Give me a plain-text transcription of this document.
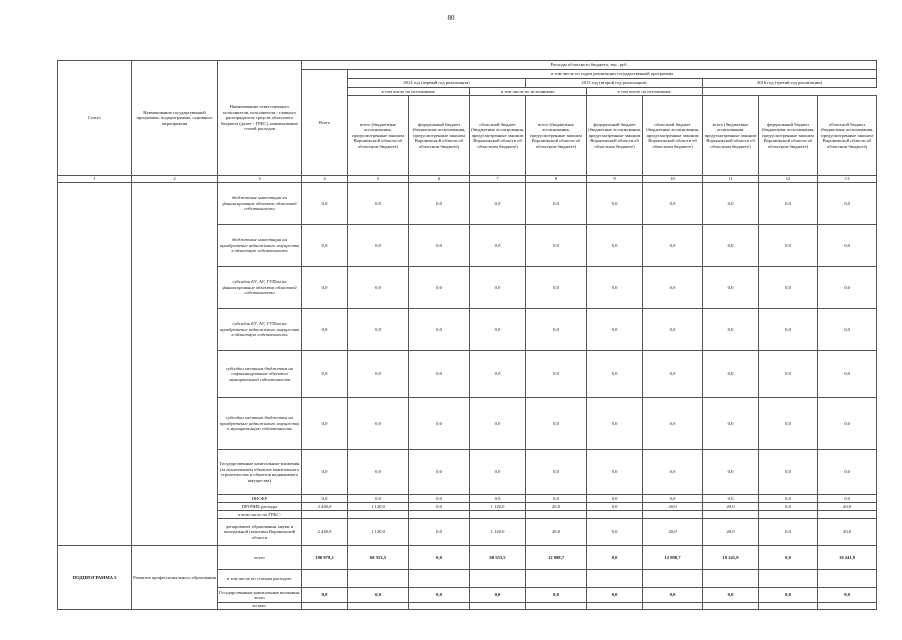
80
Статус	Наименование государственной программы, подпрограммы, основного мероприятия	Наименование ответственного исполнителя, исполнителя - главного распорядителя средств областного бюджета (далее - ГРБС), наименование статей расходов	Расходы областного бюджета, тыс. руб.									
			Всего	в том числе по годам реализации государственной программы								
				2014 год (первый год реализации)			2015 год (второй год реализации)			2016 год (третий год реализации)		
				в том числе по источникам:		в том числе по источникам:		в том числе по источникам:				
				всего (бюджетные ассигнования, предусмотренные законом Воронежской области об областном бюджете)	федеральный бюджет (бюджетные ассигнования, предусмотренные законом Воронежской области об областном бюджете)	областной бюджет (бюджетные ассигнования, предусмотренные законом Воронежской области об областном бюджете)	всего (бюджетные ассигнования, предусмотренные законом Воронежской области об областном бюджете)	федеральный бюджет (бюджетные ассигнования, предусмотренные законом Воронежской области об областном бюджете)	областной бюджет (бюджетные ассигнования, предусмотренные законом Воронежской области об областном бюджете)	всего (бюджетные ассигнования, предусмотренные законом Воронежской области об областном бюджете)	федеральный бюджет (бюджетные ассигнования, предусмотренные законом Воронежской области об областном бюджете)	областной бюджет (бюджетные ассигнования, предусмотренные законом Воронежской области об областном бюджете)
1	2	3	4	5	6	7	8	9	10	11	12	13
		бюджетные инвестиции на финансирование объектов областной собственности	0,0	0,0	0,0	0,0	0,0	0,0	0,0	0,0	0,0	0,0
		бюджетные инвестиции на приобретение недвижимого имущества в областную собственность	0,0	0,0	0,0	0,0	0,0	0,0	0,0	0,0	0,0	0,0
		субсидии БУ, АУ, ГУПам на финансирование объектов областной собственности	0,0	0,0	0,0	0,0	0,0	0,0	0,0	0,0	0,0	0,0
		субсидии БУ, АУ, ГУПам на приобретение недвижимого имущества в областную собственность	0,0	0,0	0,0	0,0	0,0	0,0	0,0	0,0	0,0	0,0
		субсидии местным бюджетам на софинансирование объектов муниципальной собственности	0,0	0,0	0,0	0,0	0,0	0,0	0,0	0,0	0,0	0,0
		субсидии местным бюджетам на приобретение недвижимого имущества в муниципальную собственность	0,0	0,0	0,0	0,0	0,0	0,0	0,0	0,0	0,0	0,0
		Государственные капитальные вложения (за исключением объектов капитального строительства и объектов недвижимого имущества)	0,0	0,0	0,0	0,0	0,0	0,0	0,0	0,0	0,0	0,0
		НИОКР	0,0	0,0	0,0	0,0	0,0	0,0	0,0	0,0	0,0	0,0
		ПРОЧИЕ расходы	2 440,0	1 120,0	0,0	1 120,0	20,0	0,0	20,0	20,0	0,0	20,0
		в том числе по ГРБС:										
		департамент образования, науки и молодежной политики Воронежской области	2 440,0	1 120,0	0,0	1 120,0	20,0	0,0	20,0	20,0	0,0	20,0
ПОДПРОГРАММА 5	Развитие профессионального образования	всего	190 978,2	68 553,5	0,0	68 553,5	12 998,7	0,0	12 998,7	19 241,9	0,0	19 241,9
		в том числе по статьям расходов:										
		Государственные капитальные вложения, всего	0,0	0,0	0,0	0,0	0,0	0,0	0,0	0,0	0,0	0,0
		из них:										
